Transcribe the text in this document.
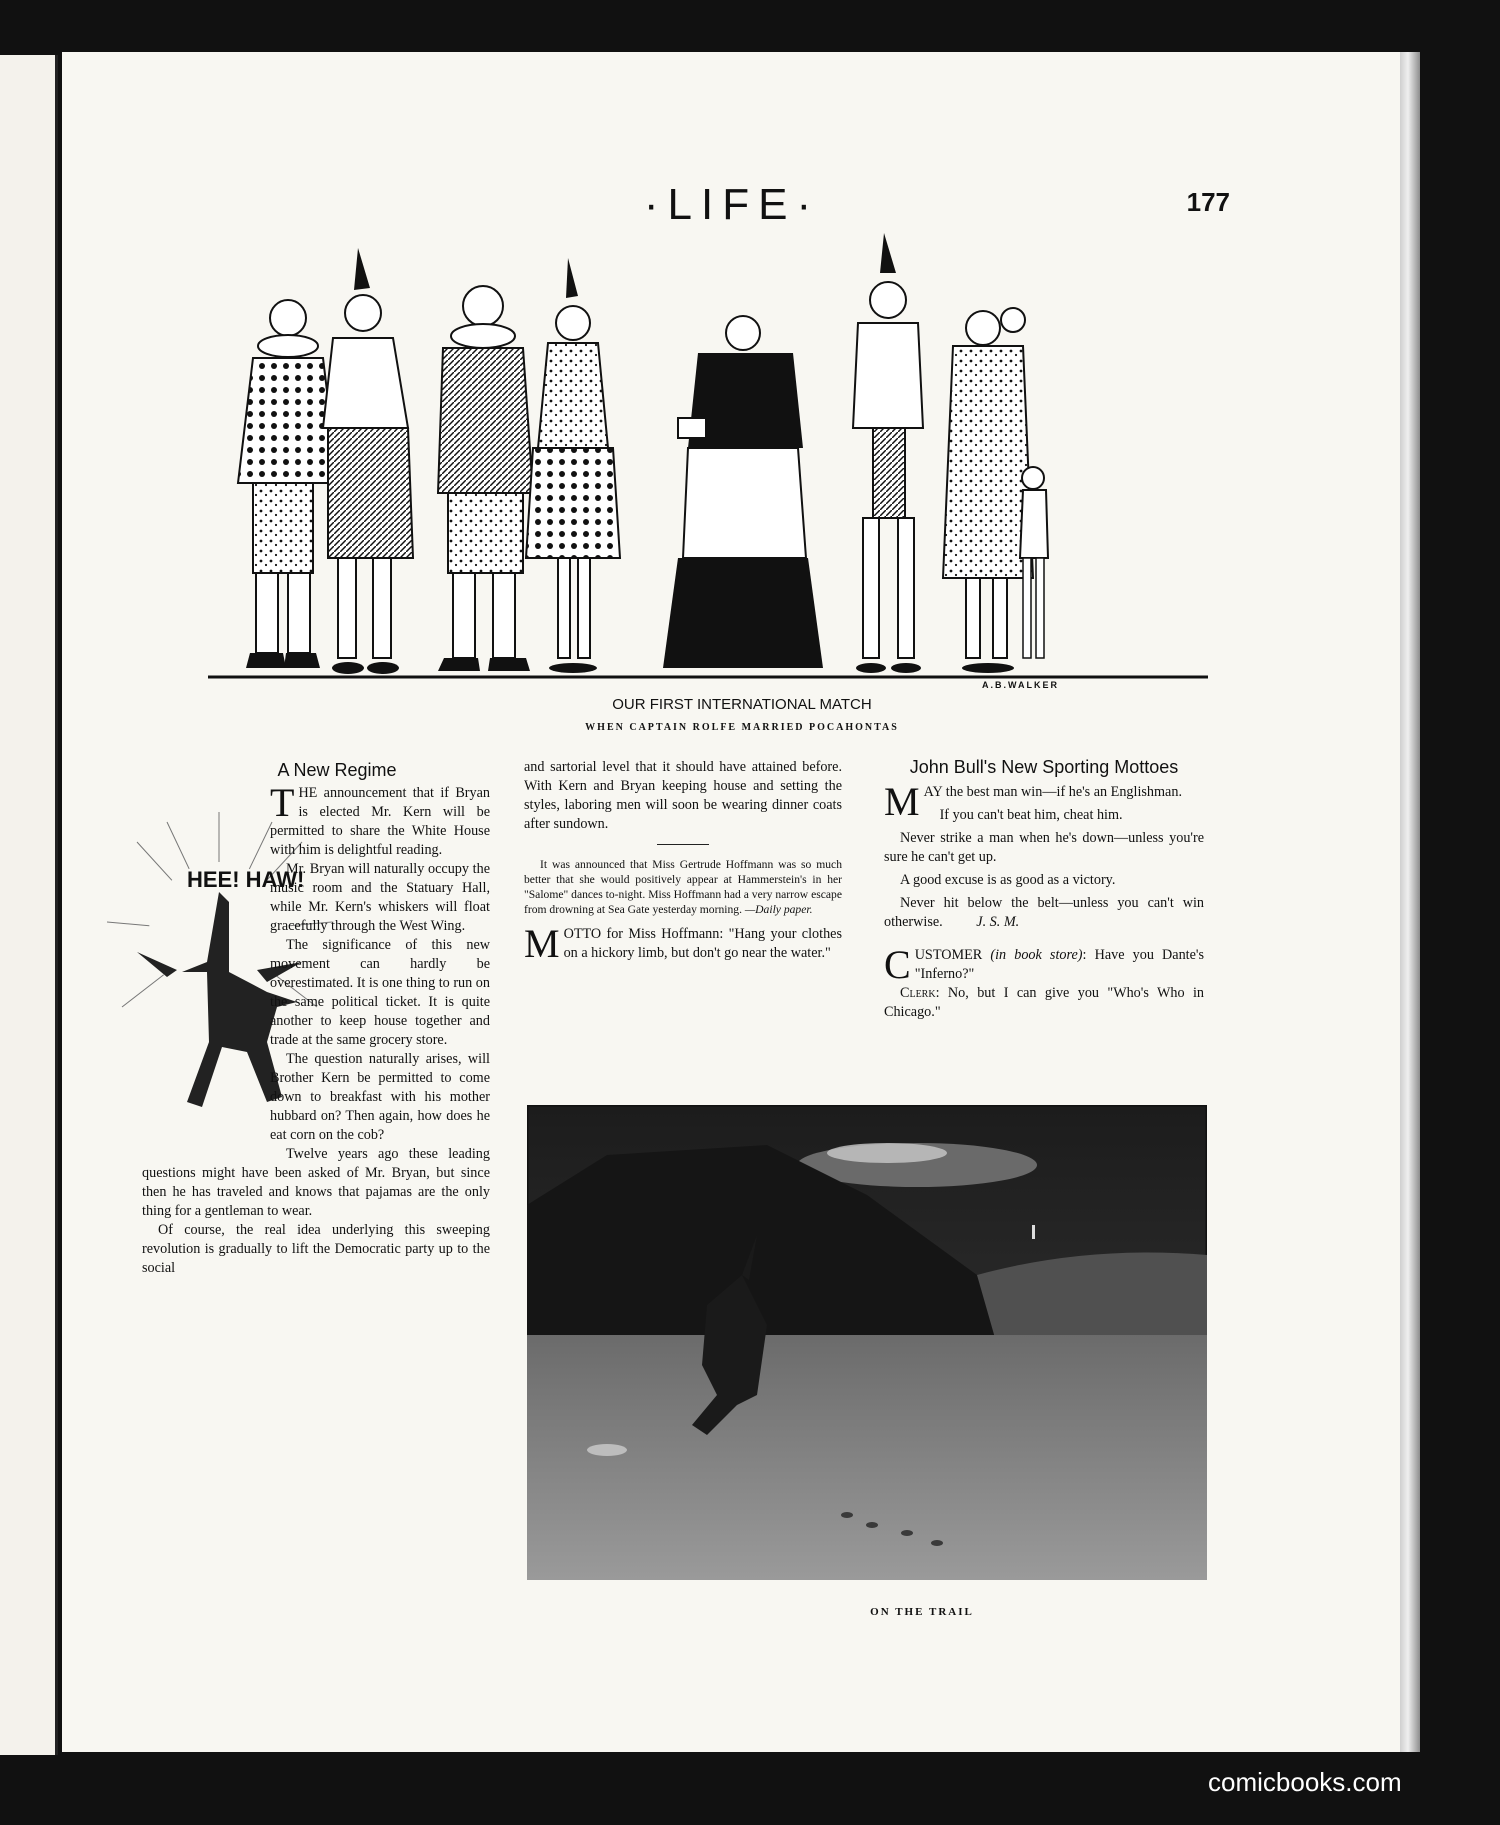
·LIFE·	177
A.B.WALKER
OUR FIRST INTERNATIONAL MATCH
WHEN CAPTAIN ROLFE MARRIED POCAHONTAS
A New Regime
HEE! HAW!

THE announcement that if Bryan is elected Mr. Kern will be permitted to share the White House with him is delightful reading.

Mr. Bryan will naturally occupy the music room and the Statuary Hall, while Mr. Kern's whiskers will float gracefully through the West Wing.

The significance of this new movement can hardly be overestimated. It is one thing to run on the same political ticket. It is quite another to keep house together and trade at the same grocery store.

The question naturally arises, will Brother Kern be permitted to come down to breakfast with his mother hubbard on? Then again, how does he eat corn on the cob?

Twelve years ago these leading questions might have been asked of Mr. Bryan, but since then he has traveled and knows that pajamas are the only thing for a gentleman to wear.

Of course, the real idea underlying this sweeping revolution is gradually to lift the Democratic party up to the social

and sartorial level that it should have attained before. With Kern and Bryan keeping house and setting the styles, laboring men will soon be wearing dinner coats after sundown.

It was announced that Miss Gertrude Hoffmann was so much better that she would positively appear at Hammerstein's in her "Salome" dances to-night. Miss Hoffmann had a very narrow escape from drowning at Sea Gate yesterday morning. —Daily paper.

MOTTO for Miss Hoffmann: "Hang your clothes on a hickory limb, but don't go near the water."

John Bull's New Sporting Mottoes

MAY the best man win—if he's an Englishman.

If you can't beat him, cheat him.

Never strike a man when he's down—unless you're sure he can't get up.

A good excuse is as good as a victory.

Never hit below the belt—unless you can't win otherwise. J. S. M.

CUSTOMER (in book store): Have you Dante's "Inferno?"

Clerk: No, but I can give you "Who's Who in Chicago."

ON THE TRAIL
comicbooks.com
